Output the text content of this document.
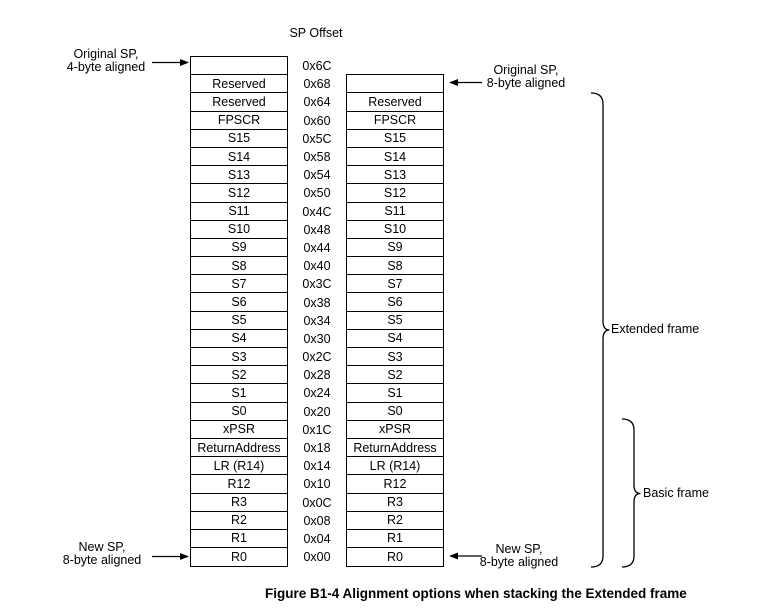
SP Offset
Reserved
Reserved
FPSCR
S15
S14
S13
S12
S11
S10
S9
S8
S7
S6
S5
S4
S3
S2
S1
S0
xPSR
ReturnAddress
LR (R14)
R12
R3
R2
R1
R0
0x6C
0x68
0x64
0x60
0x5C
0x58
0x54
0x50
0x4C
0x48
0x44
0x40
0x3C
0x38
0x34
0x30
0x2C
0x28
0x24
0x20
0x1C
0x18
0x14
0x10
0x0C
0x08
0x04
0x00
Reserved
FPSCR
S15
S14
S13
S12
S11
S10
S9
S8
S7
S6
S5
S4
S3
S2
S1
S0
xPSR
ReturnAddress
LR (R14)
R12
R3
R2
R1
R0
Original SP,
4-byte aligned	Original SP,
8-byte aligned
New SP,
8-byte aligned
New SP,
8-byte aligned
Extended frame
Basic frame
Figure B1-4 Alignment options when stacking the Extended frame
